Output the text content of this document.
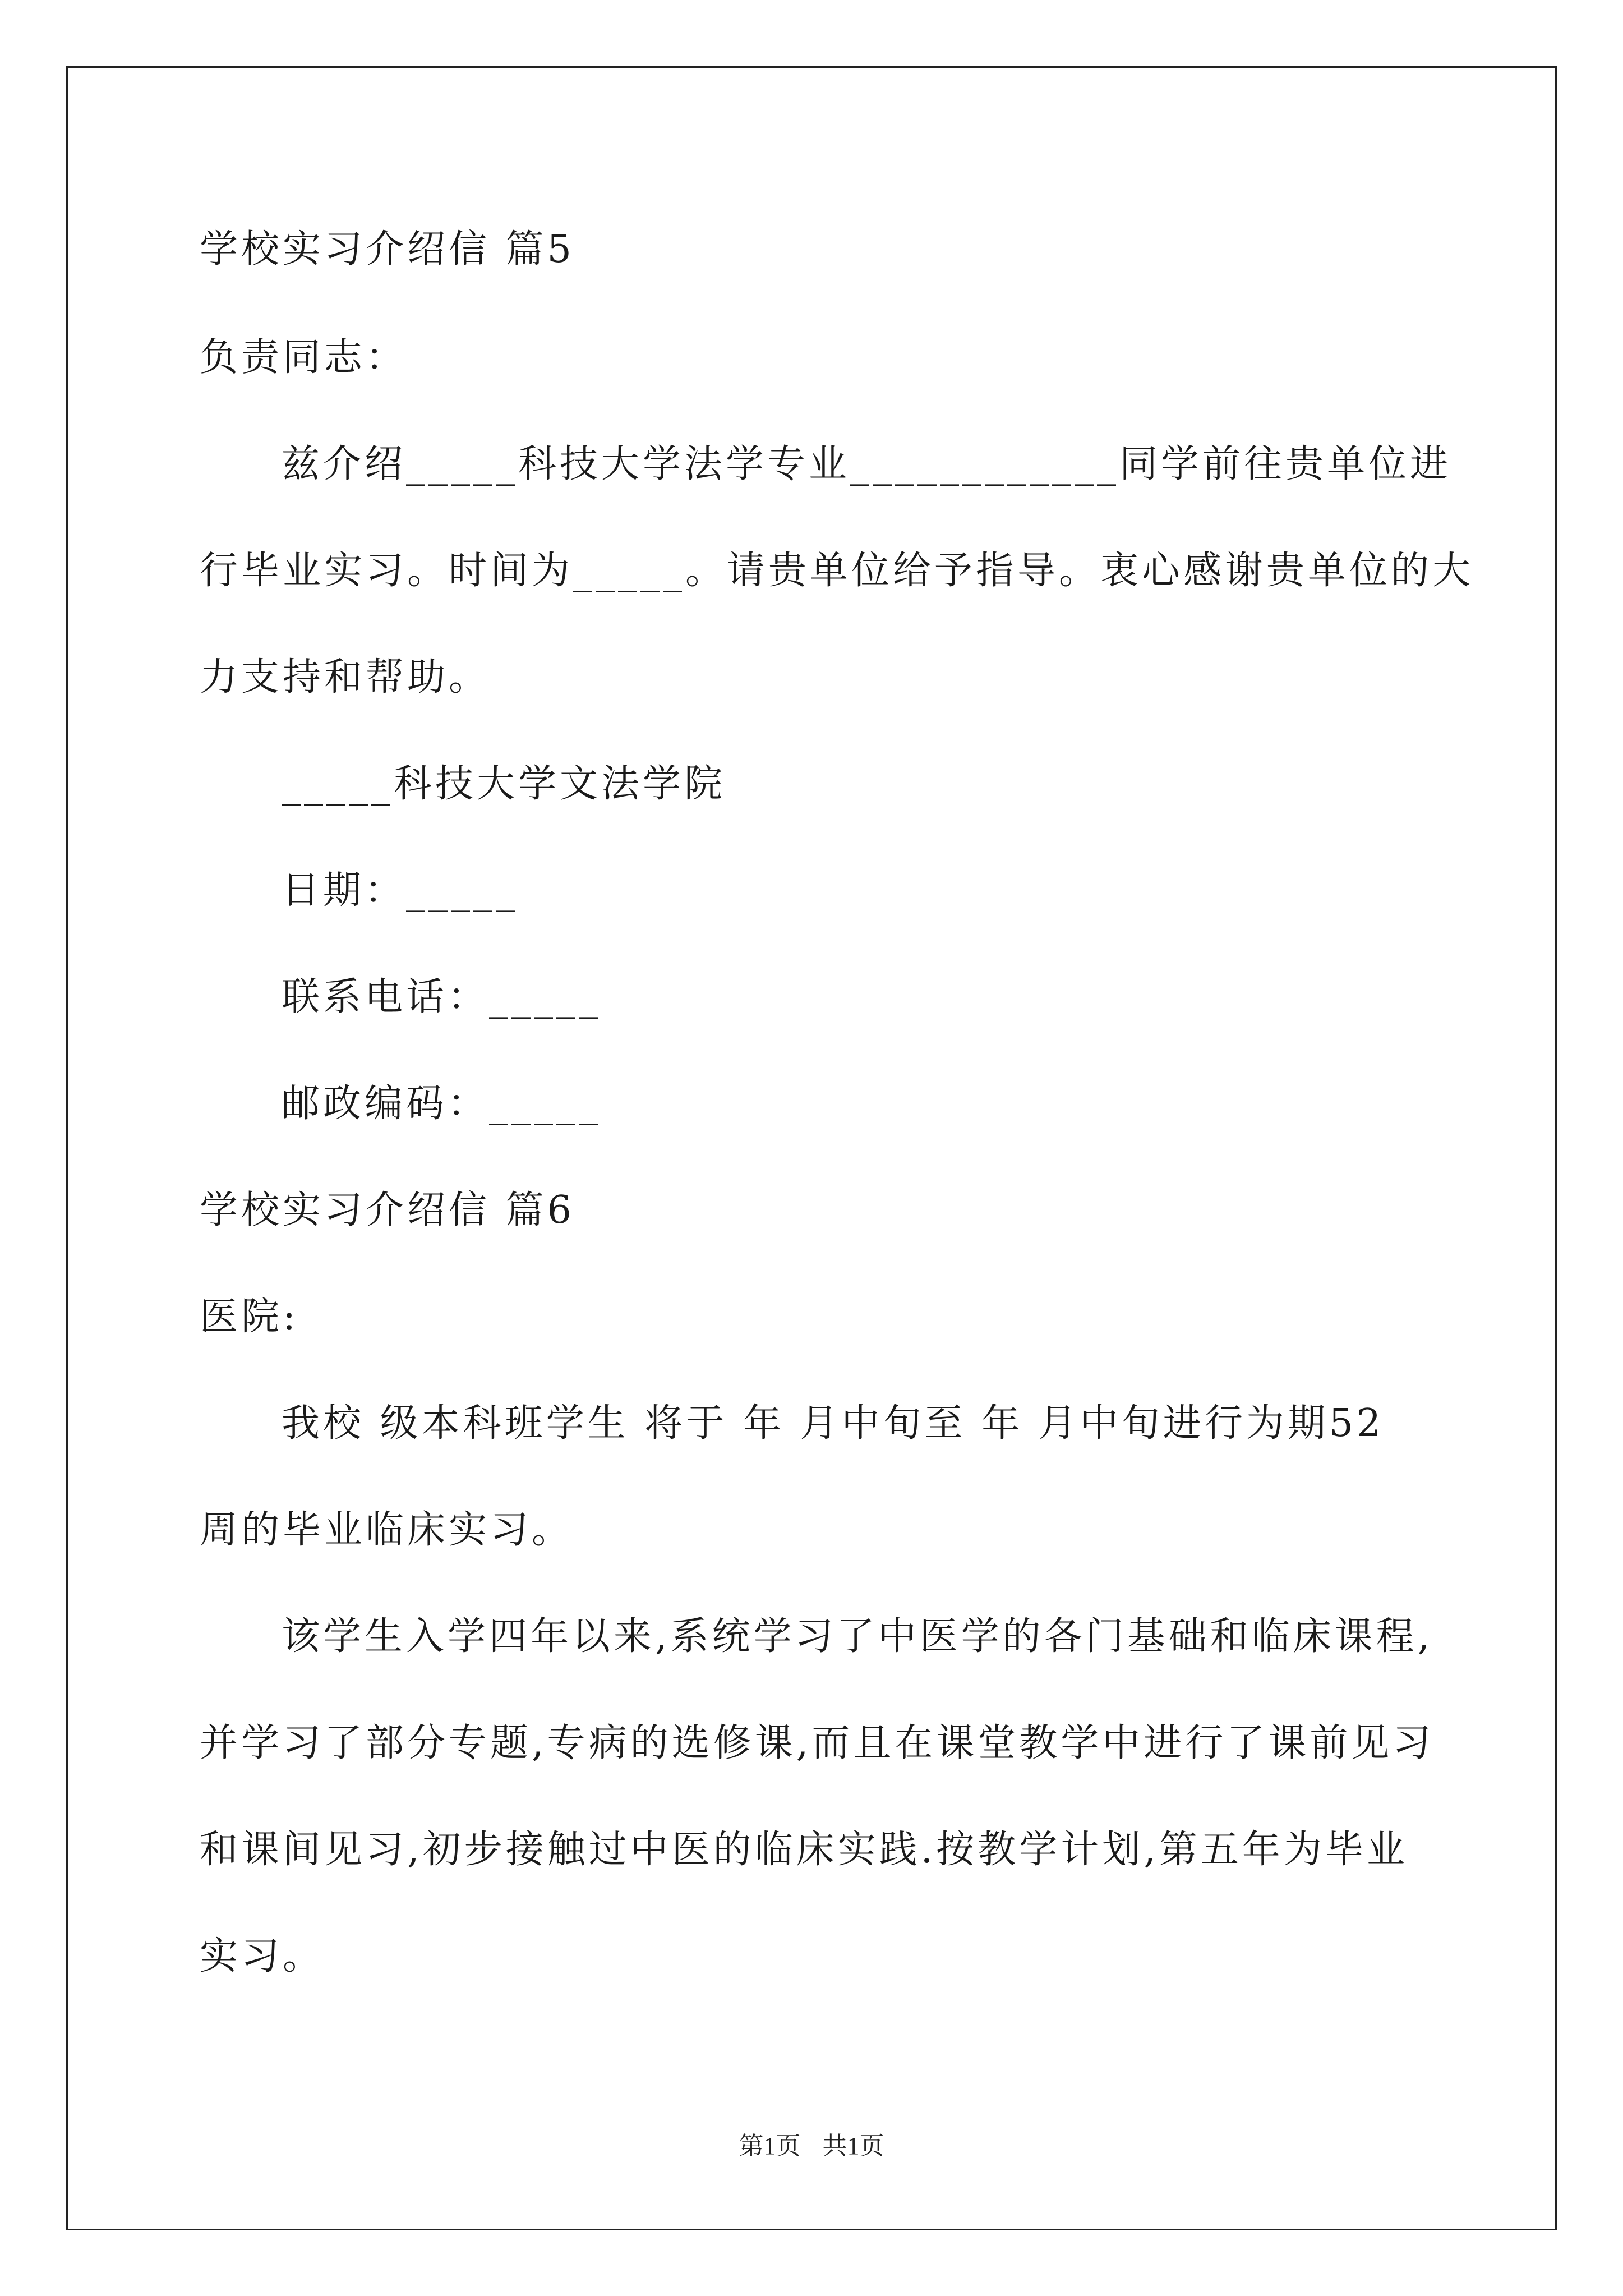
学校实习介绍信 篇5
负责同志：
兹介绍_____科技大学法学专业____________同学前往贵单位进
行毕业实习。时间为_____。请贵单位给予指导。衷心感谢贵单位的大
力支持和帮助。
_____科技大学文法学院
日期：_____
联系电话：_____
邮政编码：_____
学校实习介绍信 篇6
医院:
我校 级本科班学生 将于 年 月中旬至 年 月中旬进行为期52
周的毕业临床实习。
该学生入学四年以来,系统学习了中医学的各门基础和临床课程,
并学习了部分专题,专病的选修课,而且在课堂教学中进行了课前见习
和课间见习,初步接触过中医的临床实践.按教学计划,第五年为毕业
实习。
第1页 共1页
